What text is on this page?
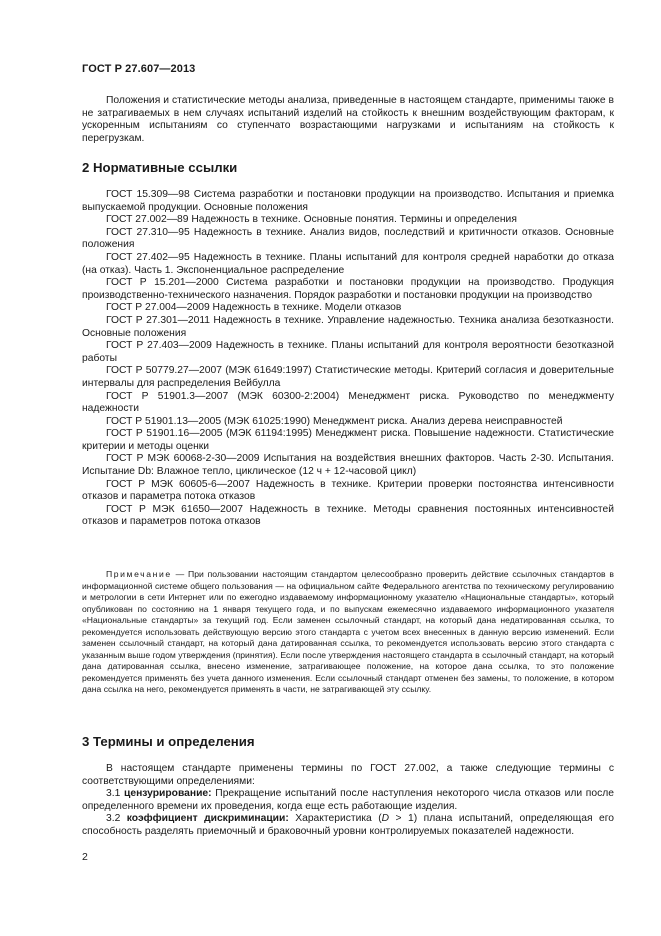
ГОСТ Р 27.607—2013

Положения и статистические методы анализа, приведенные в настоящем стандарте, применимы также в не затрагиваемых в нем случаях испытаний изделий на стойкость к внешним воздействующим факторам, к ускоренным испытаниям со ступенчато возрастающими нагрузками и испытаниям на стойкость к перегрузкам.

2 Нормативные ссылки

ГОСТ 15.309—98 Система разработки и постановки продукции на производство. Испытания и приемка выпускаемой продукции. Основные положения

ГОСТ 27.002—89 Надежность в технике. Основные понятия. Термины и определения

ГОСТ 27.310—95 Надежность в технике. Анализ видов, последствий и критичности отказов. Основные положения

ГОСТ 27.402—95 Надежность в технике. Планы испытаний для контроля средней наработки до отказа (на отказ). Часть 1. Экспоненциальное распределение

ГОСТ Р 15.201—2000 Система разработки и постановки продукции на производство. Продукция производственно-технического назначения. Порядок разработки и постановки продукции на производство

ГОСТ Р 27.004—2009 Надежность в технике. Модели отказов

ГОСТ Р 27.301—2011 Надежность в технике. Управление надежностью. Техника анализа безотказности. Основные положения

ГОСТ Р 27.403—2009 Надежность в технике. Планы испытаний для контроля вероятности безотказной работы

ГОСТ Р 50779.27—2007 (МЭК 61649:1997) Статистические методы. Критерий согласия и доверительные интервалы для распределения Вейбулла

ГОСТ Р 51901.3—2007 (МЭК 60300-2:2004) Менеджмент риска. Руководство по менеджменту надежности

ГОСТ Р 51901.13—2005 (МЭК 61025:1990) Менеджмент риска. Анализ дерева неисправностей

ГОСТ Р 51901.16—2005 (МЭК 61194:1995) Менеджмент риска. Повышение надежности. Статистические критерии и методы оценки

ГОСТ Р МЭК 60068-2-30—2009 Испытания на воздействия внешних факторов. Часть 2-30. Испытания. Испытание Db: Влажное тепло, циклическое (12 ч + 12-часовой цикл)

ГОСТ Р МЭК 60605-6—2007 Надежность в технике. Критерии проверки постоянства интенсивности отказов и параметра потока отказов

ГОСТ Р МЭК 61650—2007 Надежность в технике. Методы сравнения постоянных интенсивностей отказов и параметров потока отказов

Примечание — При пользовании настоящим стандартом целесообразно проверить действие ссылочных стандартов в информационной системе общего пользования — на официальном сайте Федерального агентства по техническому регулированию и метрологии в сети Интернет или по ежегодно издаваемому информационному указателю «Национальные стандарты», который опубликован по состоянию на 1 января текущего года, и по выпускам ежемесячно издаваемого информационного указателя «Национальные стандарты» за текущий год. Если заменен ссылочный стандарт, на который дана недатированная ссылка, то рекомендуется использовать действующую версию этого стандарта с учетом всех внесенных в данную версию изменений. Если заменен ссылочный стандарт, на который дана датированная ссылка, то рекомендуется использовать версию этого стандарта с указанным выше годом утверждения (принятия). Если после утверждения настоящего стандарта в ссылочный стандарт, на который дана датированная ссылка, внесено изменение, затрагивающее положение, на которое дана ссылка, то это положение рекомендуется применять без учета данного изменения. Если ссылочный стандарт отменен без замены, то положение, в котором дана ссылка на него, рекомендуется применять в части, не затрагивающей эту ссылку.

3 Термины и определения

В настоящем стандарте применены термины по ГОСТ 27.002, а также следующие термины с соответствующими определениями:

3.1 цензурирование: Прекращение испытаний после наступления некоторого числа отказов или после определенного времени их проведения, когда еще есть работающие изделия.

3.2 коэффициент дискриминации: Характеристика (D > 1) плана испытаний, определяющая его способность разделять приемочный и браковочный уровни контролируемых показателей надежности.

2
